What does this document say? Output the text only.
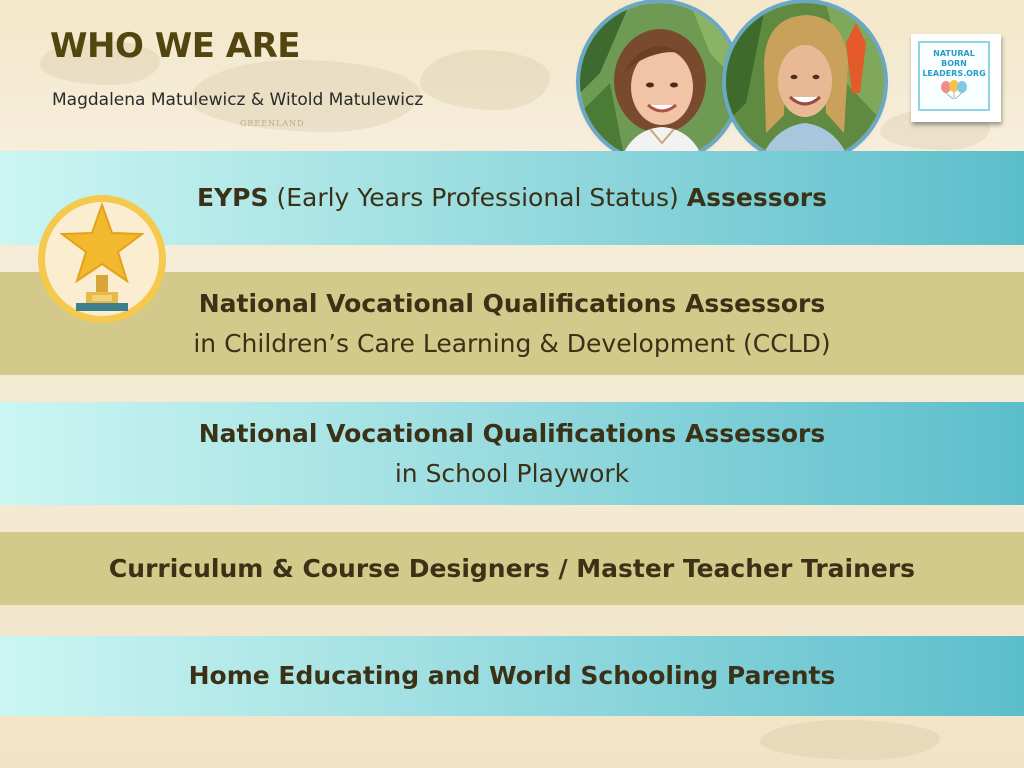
WHO WE ARE
Magdalena Matulewicz & Witold Matulewicz
GREENLAND
NATURAL
BORN
LEADERS.ORG
EYPS (Early Years Professional Status) Assessors
National Vocational Qualifications Assessors
in Children’s Care Learning & Development (CCLD)
National Vocational Qualifications Assessors
in School Playwork
Curriculum & Course Designers / Master Teacher Trainers
Home Educating and World Schooling Parents
